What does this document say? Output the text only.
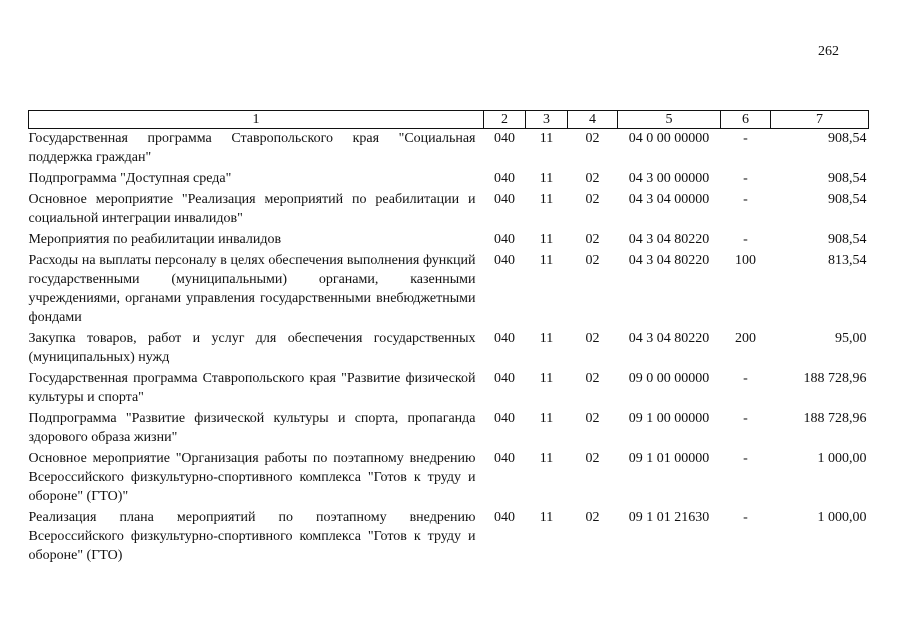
262
1	2	3	4	5	6	7
Государственная программа Ставропольского края "Социальная поддержка граждан"	040	11	02	04 0 00 00000	-	908,54
Подпрограмма "Доступная среда"	040	11	02	04 3 00 00000	-	908,54
Основное мероприятие "Реализация мероприятий по реабилитации и социальной интеграции инвалидов"	040	11	02	04 3 04 00000	-	908,54
Мероприятия по реабилитации инвалидов	040	11	02	04 3 04 80220	-	908,54
Расходы на выплаты персоналу в целях обеспечения выполнения функций государственными (муниципальными) органами, казенными учреждениями, органами управления государственными внебюджетными фондами	040	11	02	04 3 04 80220	100	813,54
Закупка товаров, работ и услуг для обеспечения государственных (муниципальных) нужд	040	11	02	04 3 04 80220	200	95,00
Государственная программа Ставропольского края "Развитие физической культуры и спорта"	040	11	02	09 0 00 00000	-	188 728,96
Подпрограмма "Развитие физической культуры и спорта, пропаганда здорового образа жизни"	040	11	02	09 1 00 00000	-	188 728,96
Основное мероприятие "Организация работы по поэтапному внедрению Всероссийского физкультурно-спортивного комплекса "Готов к труду и обороне" (ГТО)"	040	11	02	09 1 01 00000	-	1 000,00
Реализация плана мероприятий по поэтапному внедрению Всероссийского физкультурно-спортивного комплекса "Готов к труду и обороне" (ГТО)	040	11	02	09 1 01 21630	-	1 000,00
